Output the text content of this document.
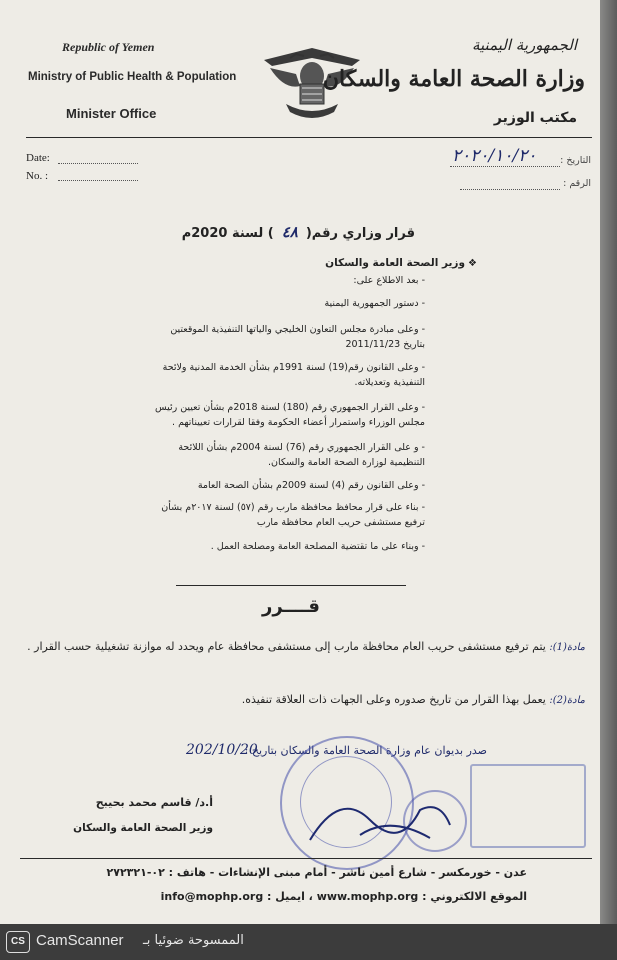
Republic of Yemen
Ministry of Public Health & Population
Minister Office
الجمهورية اليمنية
وزارة الصحة العامة والسكان
مكتب الوزير
Date:
No. :
التاريخ :
٢٠٢٠/١٠/٢٠
الرقم :
قرار وزاري رقم(٤٨) لسنة 2020م
❖
وزير الصحة العامة والسكان
- بعد الاطلاع على:
- دستور الجمهورية اليمنية
- وعلى مبادرة مجلس التعاون الخليجي والياتها التنفيذية الموقعتين بتاريخ 2011/11/23
- وعلى القانون رقم(19) لسنة 1991م بشأن الخدمة المدنية ولائحة التنفيذية وتعديلاته.
- وعلى القرار الجمهوري رقم (180) لسنة 2018م بشأن تعيين رئيس مجلس الوزراء واستمرار أعضاء الحكومة وفقا لقرارات تعييناتهم .
- و على القرار الجمهوري رقم (76) لسنة 2004م بشأن اللائحة التنظيمية لوزارة الصحة العامة والسكان.
- وعلى القانون رقم (4) لسنة 2009م بشأن الصحة العامة
- بناء على قرار محافظ محافظة مارب رقم (٥٧) لسنة ٢٠١٧م بشأن ترفيع مستشفى حريب العام محافظة مارب
- وبناء على ما تقتضية المصلحة العامة ومصلحة العمل .
قــــرر
مادة(1): يتم ترفيع مستشفى حريب العام محافظة مارب إلى مستشفى محافظة عام ويحدد له موازنة تشغيلية حسب القرار .
مادة(2): يعمل بهذا القرار من تاريخ صدوره وعلى الجهات ذات العلاقة تنفيذه.
صدر بديوان عام وزارة الصحة العامة والسكان بتاريخ :
202/10/20
أ.د/ قاسم محمد بحيبح
وزير الصحة العامة والسكان
عدن - خورمكسر - شارع أمين ناشر - أمام مبنى الإنشاءات - هاتف : ٠٢-٢٧٢٣٢١
الموقع الالكتروني : www.mophp.org ، ايميل : info@mophp.org
CS CamScanner الممسوحة ضوئيا بـ
